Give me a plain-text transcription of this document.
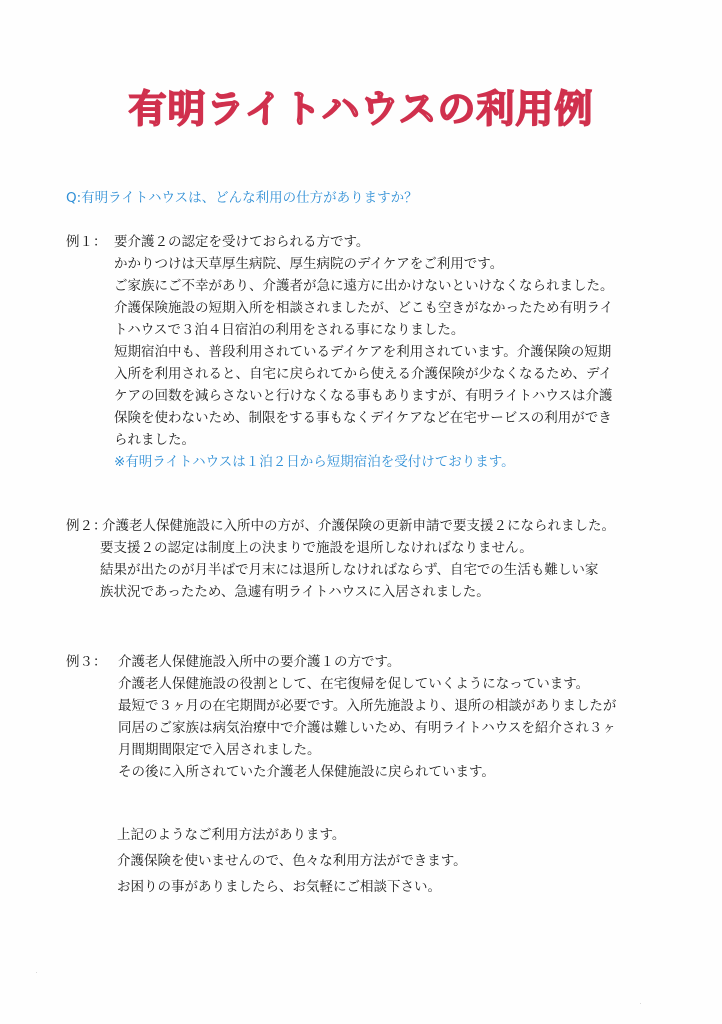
有明ライトハウスの利用例
Q:有明ライトハウスは、どんな利用の仕方がありますか？
例１： 要介護２の認定を受けておられる方です。
かかりつけは天草厚生病院、厚生病院のデイケアをご利用です。
ご家族にご不幸があり、介護者が急に遠方に出かけないといけなくなられました。
介護保険施設の短期入所を相談されましたが、どこも空きがなかったため有明ライ
トハウスで３泊４日宿泊の利用をされる事になりました。
短期宿泊中も、普段利用されているデイケアを利用されています。介護保険の短期
入所を利用されると、自宅に戻られてから使える介護保険が少なくなるため、デイ
ケアの回数を減らさないと行けなくなる事もありますが、有明ライトハウスは介護
保険を使わないため、制限をする事もなくデイケアなど在宅サービスの利用ができ
られました。
※有明ライトハウスは１泊２日から短期宿泊を受付けております。
例２：
介護老人保健施設に入所中の方が、介護保険の更新申請で要支援２になられました。
要支援２の認定は制度上の決まりで施設を退所しなければなりません。
結果が出たのが月半ばで月末には退所しなければならず、自宅での生活も難しい家
族状況であったため、急遽有明ライトハウスに入居されました。
例３： 介護老人保健施設入所中の要介護１の方です。
介護老人保健施設の役割として、在宅復帰を促していくようになっています。
最短で３ヶ月の在宅期間が必要です。入所先施設より、退所の相談がありましたが
同居のご家族は病気治療中で介護は難しいため、有明ライトハウスを紹介され３ヶ
月間期間限定で入居されました。
その後に入所されていた介護老人保健施設に戻られています。
上記のようなご利用方法があります。
介護保険を使いませんので、色々な利用方法ができます。
お困りの事がありましたら、お気軽にご相談下さい。
